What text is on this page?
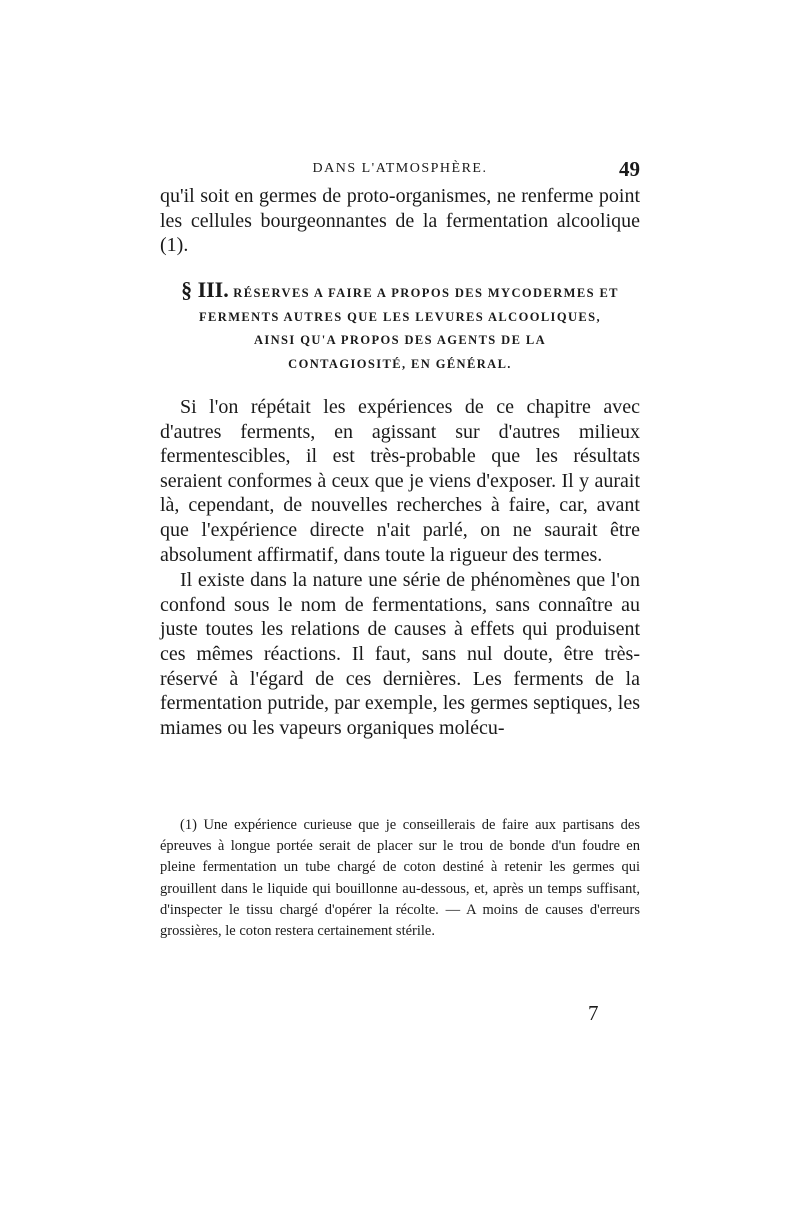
DANS L'ATMOSPHÈRE.	49

qu'il soit en germes de proto-organismes, ne renferme point les cellules bourgeonnantes de la fermentation alcoolique (1).

§ III. RÉSERVES A FAIRE A PROPOS DES MYCODERMES ET
FERMENTS AUTRES QUE LES LEVURES ALCOOLIQUES,
AINSI QU'A PROPOS DES AGENTS DE LA
CONTAGIOSITÉ, EN GÉNÉRAL.

Si l'on répétait les expériences de ce chapitre avec d'autres ferments, en agissant sur d'autres milieux fermentescibles, il est très-probable que les résultats seraient conformes à ceux que je viens d'exposer. Il y aurait là, cependant, de nouvelles recherches à faire, car, avant que l'expérience directe n'ait parlé, on ne saurait être absolument affirmatif, dans toute la rigueur des termes.

Il existe dans la nature une série de phénomènes que l'on confond sous le nom de fermentations, sans connaître au juste toutes les relations de causes à effets qui produisent ces mêmes réactions. Il faut, sans nul doute, être très-réservé à l'égard de ces dernières. Les ferments de la fermentation putride, par exemple, les germes septiques, les miames ou les vapeurs organiques molécu-

(1) Une expérience curieuse que je conseillerais de faire aux partisans des épreuves à longue portée serait de placer sur le trou de bonde d'un foudre en pleine fermentation un tube chargé de coton destiné à retenir les germes qui grouillent dans le liquide qui bouillonne au-dessous, et, après un temps suffisant, d'inspecter le tissu chargé d'opérer la récolte. — A moins de causes d'erreurs grossières, le coton restera certainement stérile.

7
